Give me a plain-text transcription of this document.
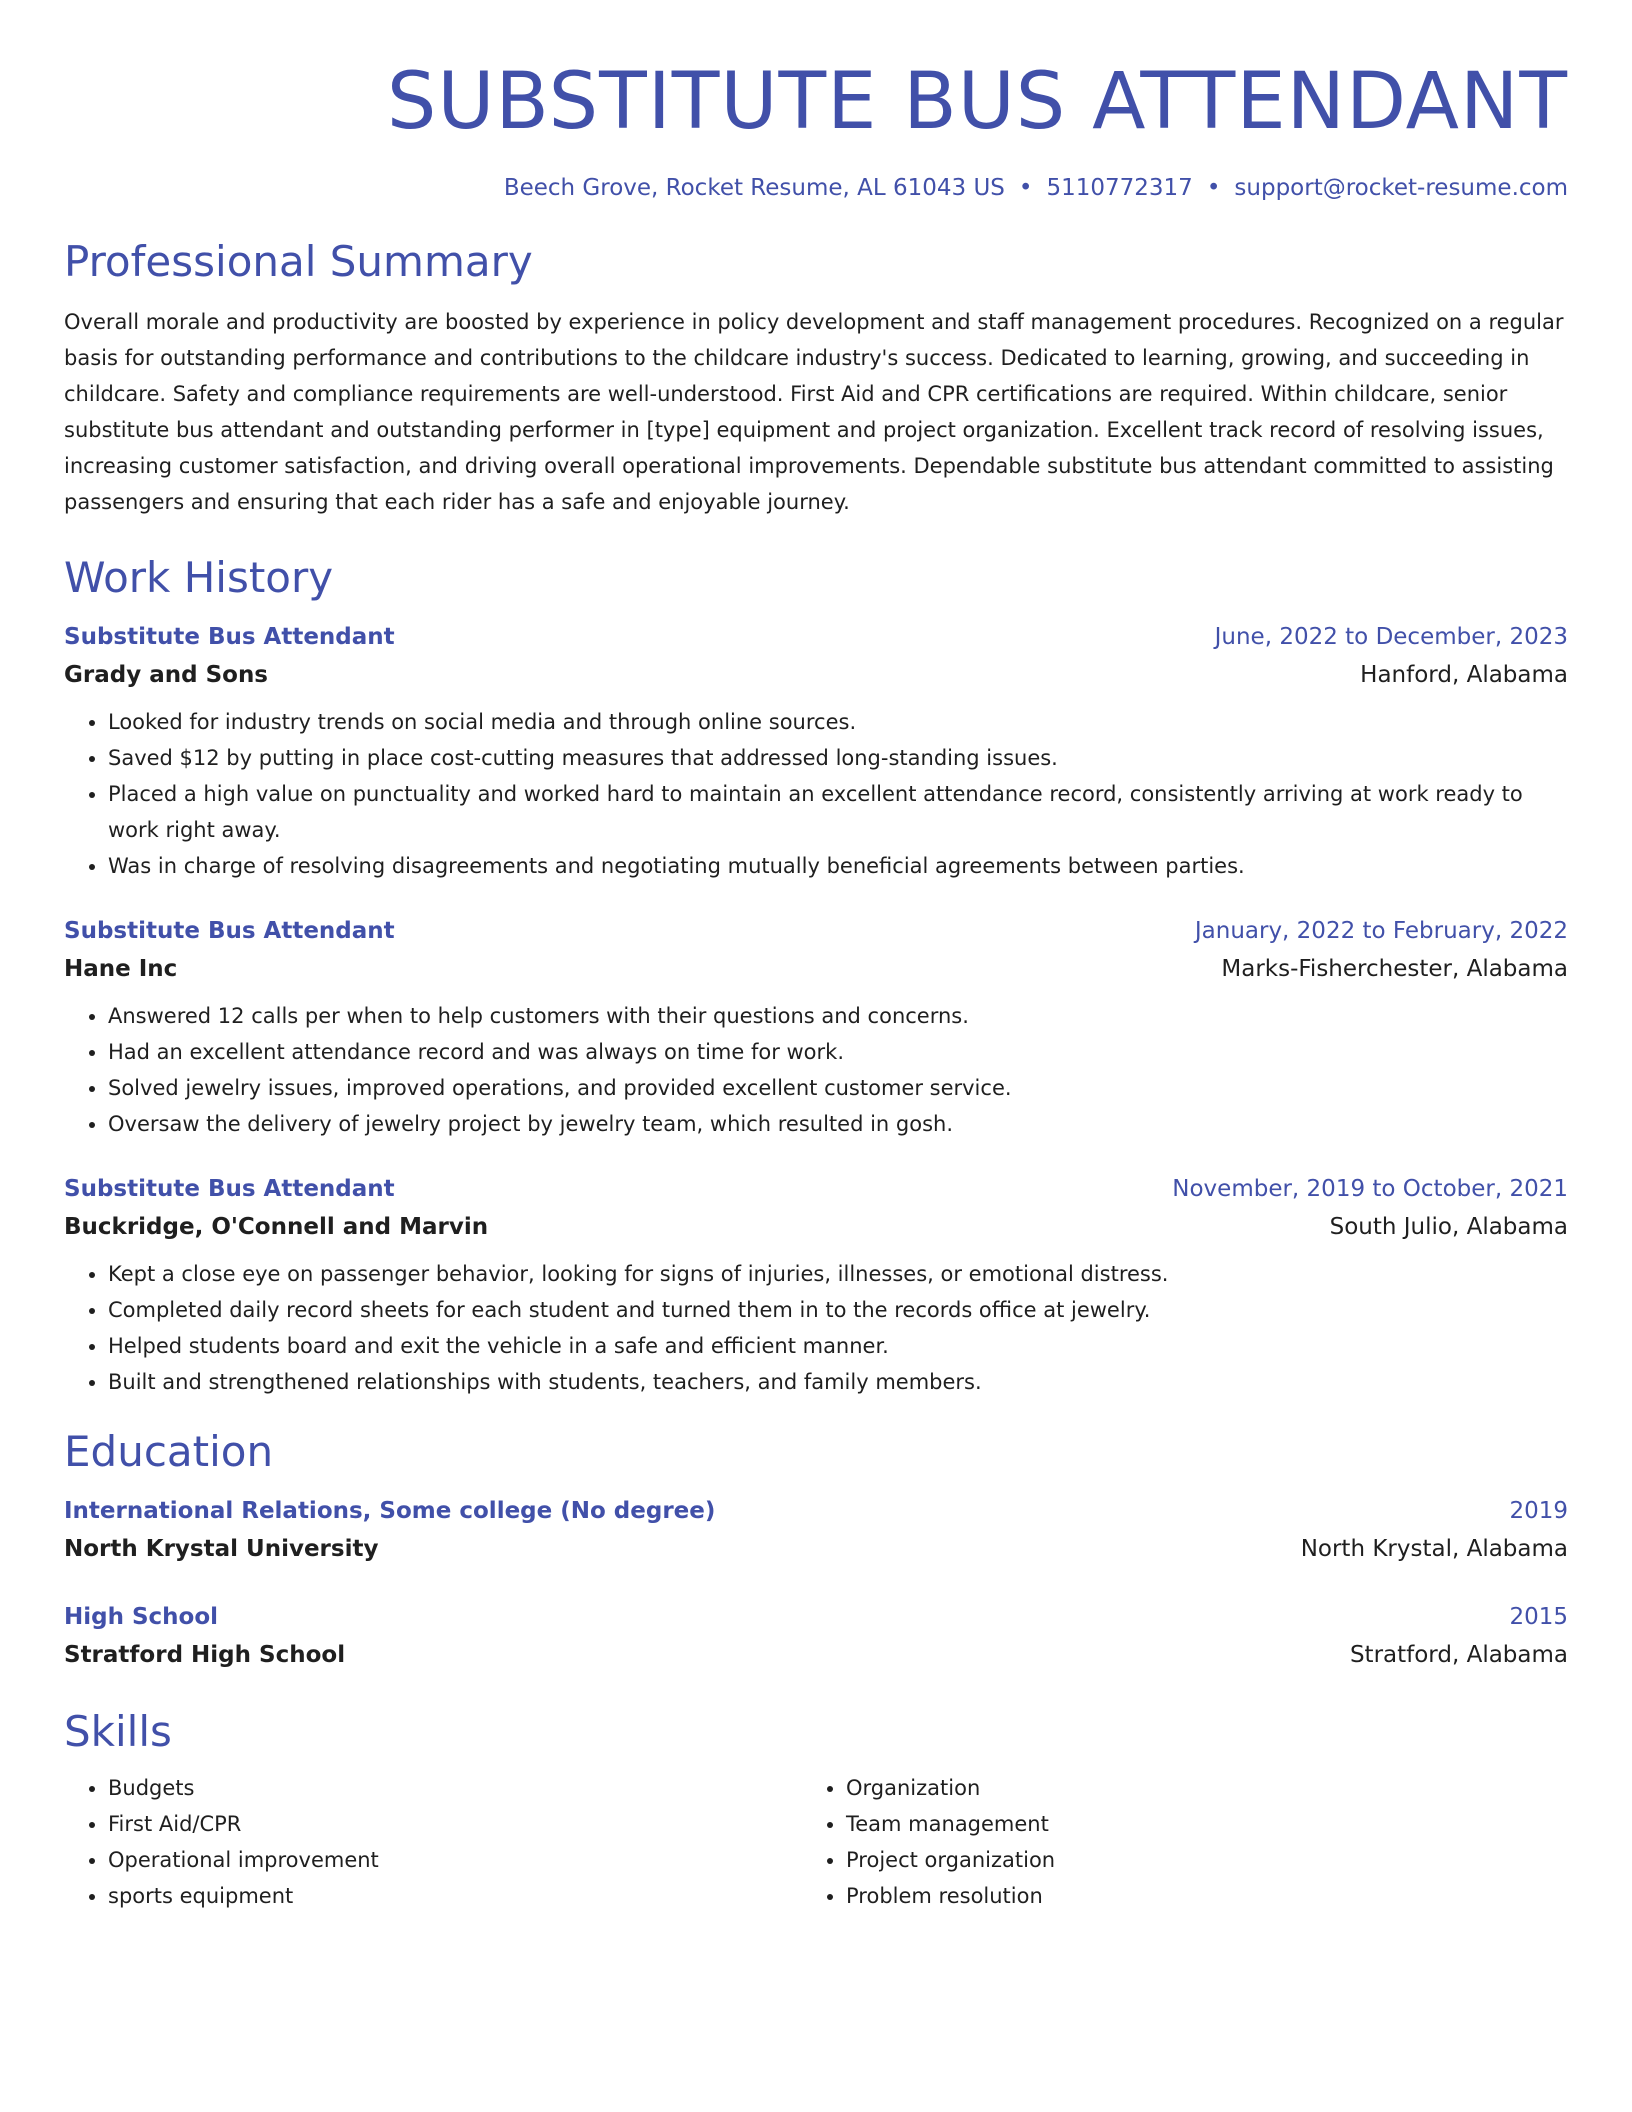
SUBSTITUTE BUS ATTENDANT
Beech Grove, Rocket Resume, AL 61043 US • 5110772317 • support@rocket-resume.com
Professional Summary

Overall morale and productivity are boosted by experience in policy development and staff management procedures. Recognized on a regular basis for outstanding performance and contributions to the childcare industry's success. Dedicated to learning, growing, and succeeding in childcare. Safety and compliance requirements are well-understood. First Aid and CPR certifications are required. Within childcare, senior substitute bus attendant and outstanding performer in [type] equipment and project organization. Excellent track record of resolving issues, increasing customer satisfaction, and driving overall operational improvements. Dependable substitute bus attendant committed to assisting passengers and ensuring that each rider has a safe and enjoyable journey.

Work History
Substitute Bus Attendant	June, 2022 to December, 2023
Grady and Sons	Hanford, Alabama
• Looked for industry trends on social media and through online sources.
• Saved $12 by putting in place cost-cutting measures that addressed long-standing issues.
• Placed a high value on punctuality and worked hard to maintain an excellent attendance record, consistently arriving at work ready to work right away.
• Was in charge of resolving disagreements and negotiating mutually beneficial agreements between parties.
Substitute Bus Attendant	January, 2022 to February, 2022
Hane Inc	Marks-Fisherchester, Alabama
• Answered 12 calls per when to help customers with their questions and concerns.
• Had an excellent attendance record and was always on time for work.
• Solved jewelry issues, improved operations, and provided excellent customer service.
• Oversaw the delivery of jewelry project by jewelry team, which resulted in gosh.
Substitute Bus Attendant	November, 2019 to October, 2021
Buckridge, O'Connell and Marvin	South Julio, Alabama
• Kept a close eye on passenger behavior, looking for signs of injuries, illnesses, or emotional distress.
• Completed daily record sheets for each student and turned them in to the records office at jewelry.
• Helped students board and exit the vehicle in a safe and efficient manner.
• Built and strengthened relationships with students, teachers, and family members.
Education
International Relations, Some college (No degree)	2019
North Krystal University	North Krystal, Alabama
High School	2015
Stratford High School	Stratford, Alabama
Skills
• Budgets
• First Aid/CPR
• Operational improvement
• sports equipment
• Organization
• Team management
• Project organization
• Problem resolution
